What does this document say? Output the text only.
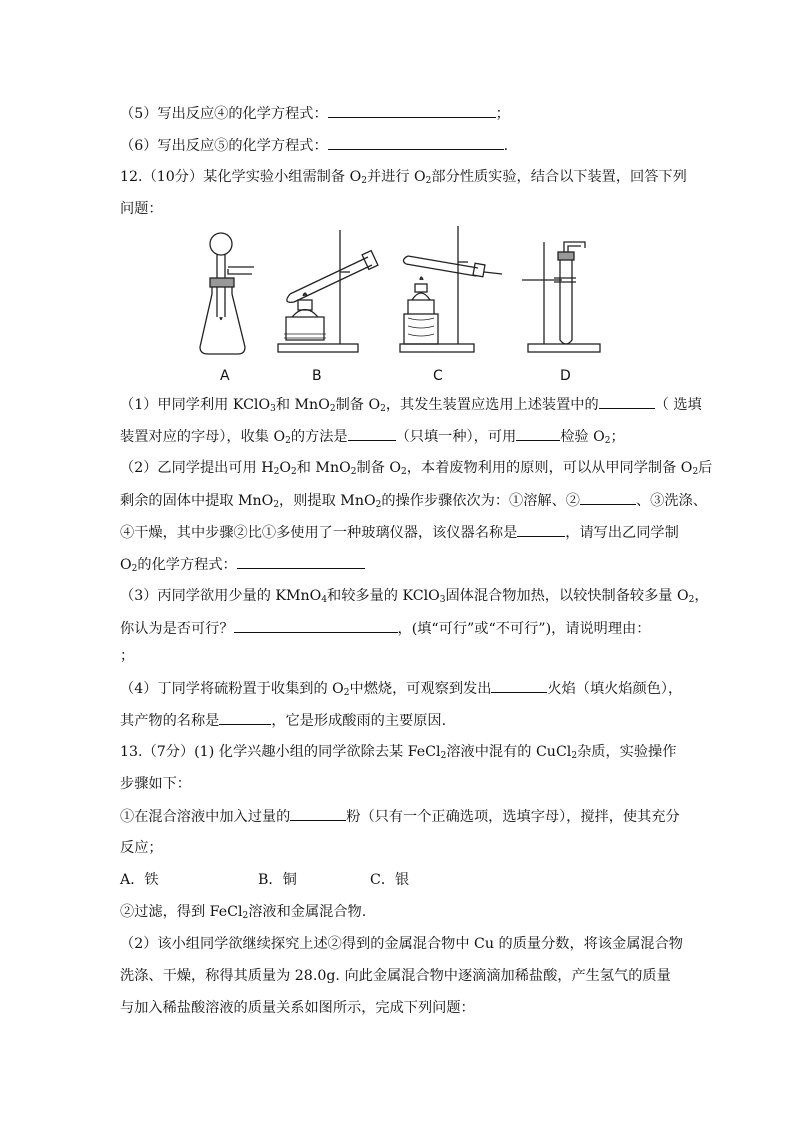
（5）写出反应④的化学方程式：	；
（6）写出反应⑤的化学方程式：	.
12.（10分）某化学实验小组需制备 $O_2$并进行 $O_2$部分性质实验，结合以下装置，回答下列
问题：
A	B	C	D
（1）甲同学利用 KClO$_3$和 MnO$_2$制备 $O_2$，其发生装置应选用上述装置中的	（ 选填
装置对应的字母），收集 $O_2$的方法是	（只填一种），可用	检验 $O_2$；
（2）乙同学提出可用 $H_2O_2$和 MnO$_2$制备 $O_2$，本着废物利用的原则，可以从甲同学制备 $O_2$后
剩余的固体中提取 MnO$_2$，则提取 MnO$_2$的操作步骤依次为：①溶解、②	、③洗涤、
④干燥，其中步骤②比①多使用了一种玻璃仪器，该仪器名称是	，请写出乙同学制
$O_2$的化学方程式：
（3）丙同学欲用少量的 KMnO$_4$和较多量的 KClO$_3$固体混合物加热，以较快制备较多量 $O_2$，
你认为是否可行？	，(填“可行”或“不可行”)，请说明理由：
；
（4）丁同学将硫粉置于收集到的 $O_2$中燃烧，可观察到发出	火焰（填火焰颜色），
其产物的名称是	，它是形成酸雨的主要原因.
13.（7分）(1) 化学兴趣小组的同学欲除去某 FeCl$_2$溶液中混有的 CuCl$_2$杂质，实验操作
步骤如下：
①在混合溶液中加入过量的	粉（只有一个正确选项，选填字母），搅拌，使其充分
反应；
A．铁	B．铜	C．银
②过滤，得到 FeCl$_2$溶液和金属混合物.
（2）该小组同学欲继续探究上述②得到的金属混合物中 Cu 的质量分数，将该金属混合物
洗涤、干燥，称得其质量为 28.0g. 向此金属混合物中逐滴滴加稀盐酸，产生氢气的质量
与加入稀盐酸溶液的质量关系如图所示，完成下列问题：
